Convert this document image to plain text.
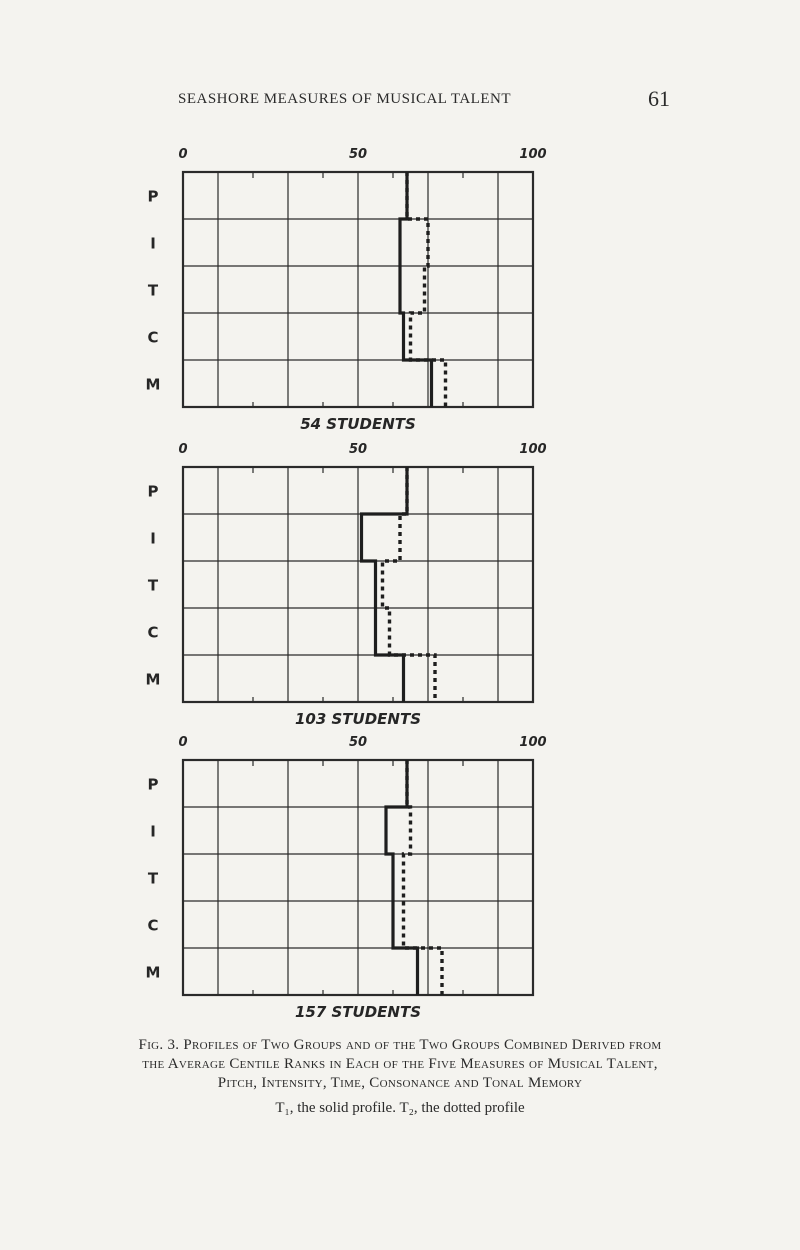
SEASHORE MEASURES OF MUSICAL TALENT	61
0	50	100
P
I
T
C
M
54 STUDENTS
0	50	100
P
I
T
C
M
103 STUDENTS
0	50	100
P
I
T
C
M
157 STUDENTS
Fig. 3. Profiles of Two Groups and of the Two Groups Combined Derived from
the Average Centile Ranks in Each of the Five Measures of Musical Talent,
Pitch, Intensity, Time, Consonance and Tonal Memory
T₁, the solid profile. T₂, the dotted profile
